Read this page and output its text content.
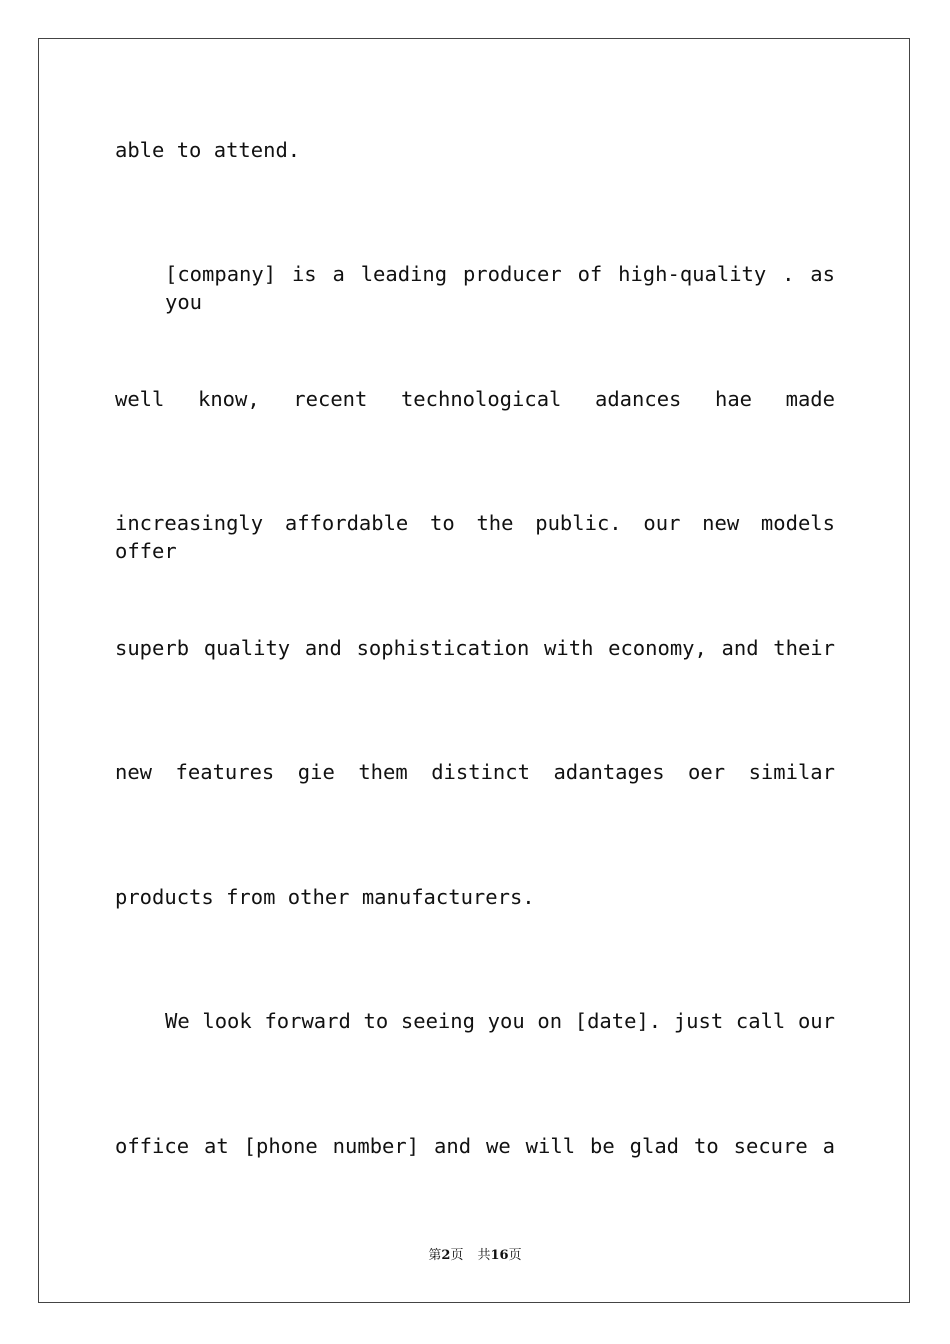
able to attend.
[company] is a leading producer of high-quality . as you
well know, recent technological adances hae made
increasingly affordable to the public. our new models offer
superb quality and sophistication with economy, and their
new features gie them distinct adantages oer similar
products from other manufacturers.
We look forward to seeing you on [date]. just call our
office at [phone number] and we will be glad to secure a
第2页 共16页
